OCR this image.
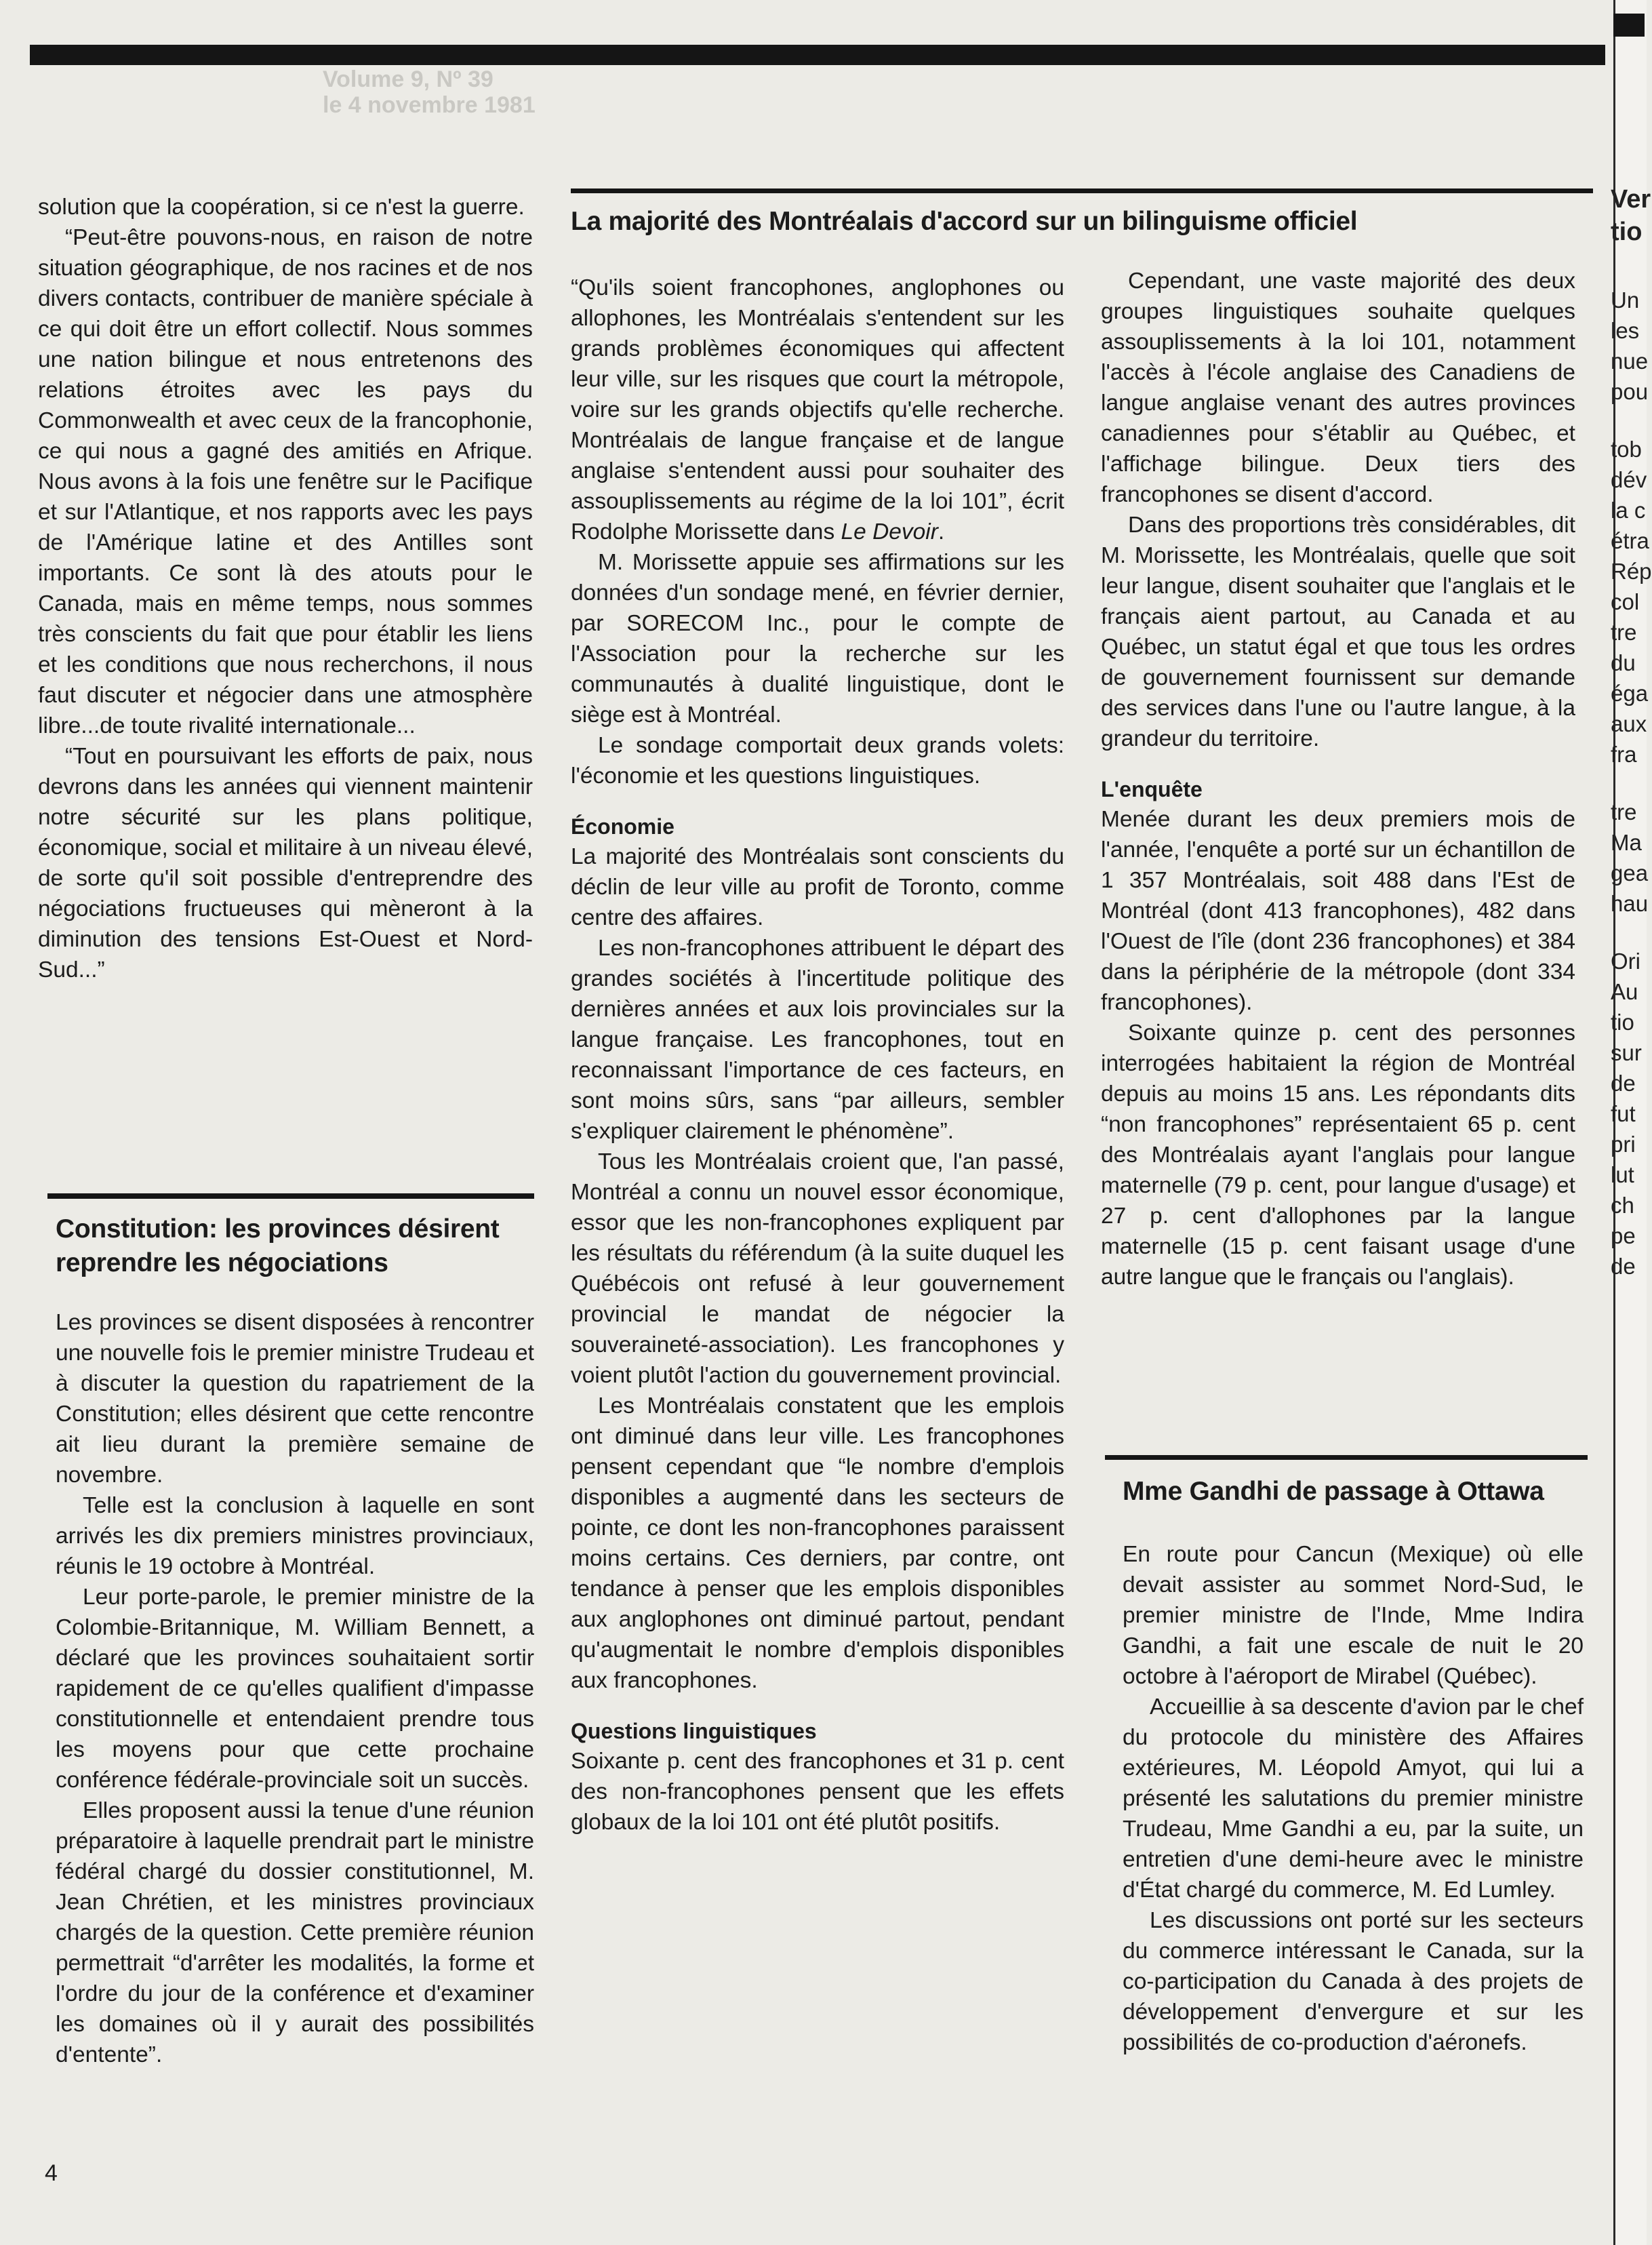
Volume 9, Nº 39
le 4 novembre 1981

solution que la coopération, si ce n'est la guerre.

“Peut-être pouvons-nous, en raison de notre situation géographique, de nos racines et de nos divers contacts, contribuer de manière spéciale à ce qui doit être un effort collectif. Nous sommes une nation bilingue et nous entretenons des relations étroites avec les pays du Commonwealth et avec ceux de la francophonie, ce qui nous a gagné des amitiés en Afrique. Nous avons à la fois une fenêtre sur le Pacifique et sur l'Atlantique, et nos rapports avec les pays de l'Amérique latine et des Antilles sont importants. Ce sont là des atouts pour le Canada, mais en même temps, nous sommes très conscients du fait que pour établir les liens et les conditions que nous recherchons, il nous faut discuter et négocier dans une atmosphère libre...de toute rivalité internationale...

“Tout en poursuivant les efforts de paix, nous devrons dans les années qui viennent maintenir notre sécurité sur les plans politique, économique, social et militaire à un niveau élevé, de sorte qu'il soit possible d'entreprendre des négociations fructueuses qui mèneront à la diminution des tensions Est-Ouest et Nord-Sud...”

Constitution: les provinces désirent reprendre les négociations

Les provinces se disent disposées à rencontrer une nouvelle fois le premier ministre Trudeau et à discuter la question du rapatriement de la Constitution; elles désirent que cette rencontre ait lieu durant la première semaine de novembre.

Telle est la conclusion à laquelle en sont arrivés les dix premiers ministres provinciaux, réunis le 19 octobre à Montréal.

Leur porte-parole, le premier ministre de la Colombie-Britannique, M. William Bennett, a déclaré que les provinces souhaitaient sortir rapidement de ce qu'elles qualifient d'impasse constitutionnelle et entendaient prendre tous les moyens pour que cette prochaine conférence fédérale-provinciale soit un succès.

Elles proposent aussi la tenue d'une réunion préparatoire à laquelle prendrait part le ministre fédéral chargé du dossier constitutionnel, M. Jean Chrétien, et les ministres provinciaux chargés de la question. Cette première réunion permettrait “d'arrêter les modalités, la forme et l'ordre du jour de la conférence et d'examiner les domaines où il y aurait des possibilités d'entente”.

La majorité des Montréalais d'accord sur un bilinguisme officiel

“Qu'ils soient francophones, anglophones ou allophones, les Montréalais s'entendent sur les grands problèmes économiques qui affectent leur ville, sur les risques que court la métropole, voire sur les grands objectifs qu'elle recherche. Montréalais de langue française et de langue anglaise s'entendent aussi pour souhaiter des assouplissements au régime de la loi 101”, écrit Rodolphe Morissette dans Le Devoir.

M. Morissette appuie ses affirmations sur les données d'un sondage mené, en février dernier, par SORECOM Inc., pour le compte de l'Association pour la recherche sur les communautés à dualité linguistique, dont le siège est à Montréal.

Le sondage comportait deux grands volets: l'économie et les questions linguistiques.

Économie

La majorité des Montréalais sont conscients du déclin de leur ville au profit de Toronto, comme centre des affaires.

Les non-francophones attribuent le départ des grandes sociétés à l'incertitude politique des dernières années et aux lois provinciales sur la langue française. Les francophones, tout en reconnaissant l'importance de ces facteurs, en sont moins sûrs, sans “par ailleurs, sembler s'expliquer clairement le phénomène”.

Tous les Montréalais croient que, l'an passé, Montréal a connu un nouvel essor économique, essor que les non-francophones expliquent par les résultats du référendum (à la suite duquel les Québécois ont refusé à leur gouvernement provincial le mandat de négocier la souveraineté-association). Les francophones y voient plutôt l'action du gouvernement provincial.

Les Montréalais constatent que les emplois ont diminué dans leur ville. Les francophones pensent cependant que “le nombre d'emplois disponibles a augmenté dans les secteurs de pointe, ce dont les non-francophones paraissent moins certains. Ces derniers, par contre, ont tendance à penser que les emplois disponibles aux anglophones ont diminué partout, pendant qu'augmentait le nombre d'emplois disponibles aux francophones.

Questions linguistiques

Soixante p. cent des francophones et 31 p. cent des non-francophones pensent que les effets globaux de la loi 101 ont été plutôt positifs.

Cependant, une vaste majorité des deux groupes linguistiques souhaite quelques assouplissements à la loi 101, notamment l'accès à l'école anglaise des Canadiens de langue anglaise venant des autres provinces canadiennes pour s'établir au Québec, et l'affichage bilingue. Deux tiers des francophones se disent d'accord.

Dans des proportions très considérables, dit M. Morissette, les Montréalais, quelle que soit leur langue, disent souhaiter que l'anglais et le français aient partout, au Canada et au Québec, un statut égal et que tous les ordres de gouvernement fournissent sur demande des services dans l'une ou l'autre langue, à la grandeur du territoire.

L'enquête

Menée durant les deux premiers mois de l'année, l'enquête a porté sur un échantillon de 1 357 Montréalais, soit 488 dans l'Est de Montréal (dont 413 francophones), 482 dans l'Ouest de l'île (dont 236 francophones) et 384 dans la périphérie de la métropole (dont 334 francophones).

Soixante quinze p. cent des personnes interrogées habitaient la région de Montréal depuis au moins 15 ans. Les répondants dits “non francophones” représentaient 65 p. cent des Montréalais ayant l'anglais pour langue maternelle (79 p. cent, pour langue d'usage) et 27 p. cent d'allophones par la langue maternelle (15 p. cent faisant usage d'une autre langue que le français ou l'anglais).

Mme Gandhi de passage à Ottawa

En route pour Cancun (Mexique) où elle devait assister au sommet Nord-Sud, le premier ministre de l'Inde, Mme Indira Gandhi, a fait une escale de nuit le 20 octobre à l'aéroport de Mirabel (Québec).

Accueillie à sa descente d'avion par le chef du protocole du ministère des Affaires extérieures, M. Léopold Amyot, qui lui a présenté les salutations du premier ministre Trudeau, Mme Gandhi a eu, par la suite, un entretien d'une demi-heure avec le ministre d'État chargé du commerce, M. Ed Lumley.

Les discussions ont porté sur les secteurs du commerce intéressant le Canada, sur la co-participation du Canada à des projets de développement d'envergure et sur les possibilités de co-production d'aéronefs.

Ver
tio
Un
les
nue
pou
tob
dév
la c
étra
Rép
col
tre
du
éga
aux
fra
tre
Ma
gea
hau
Ori
Au
tio
sur
de
fut
pri
lut
ch
pe
de
4
